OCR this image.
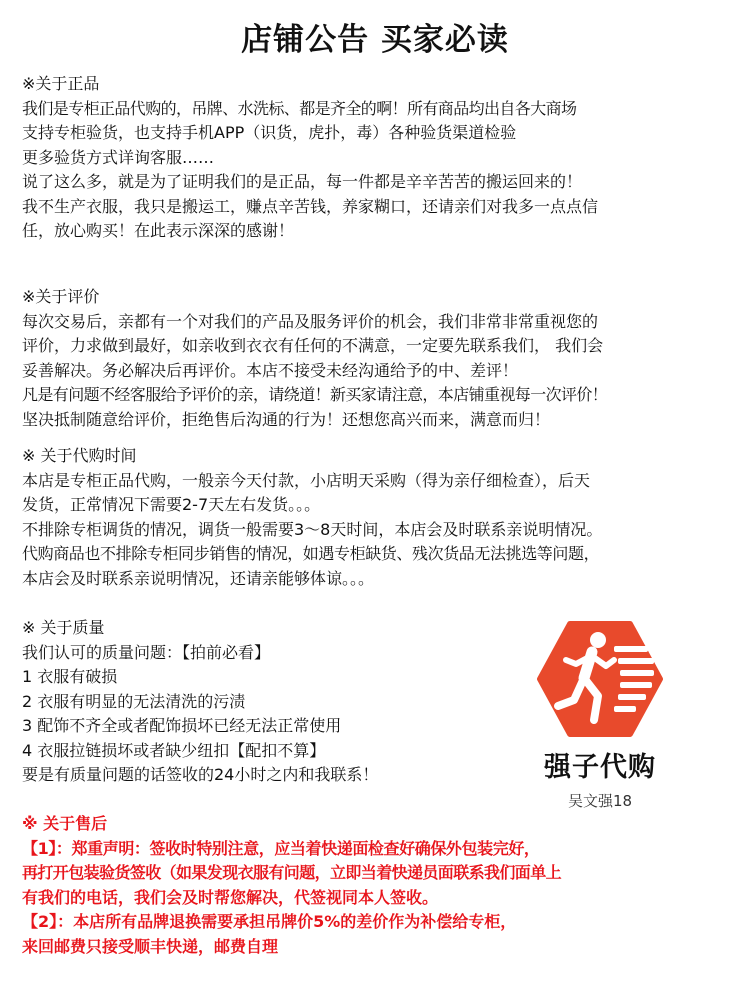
店铺公告 买家必读
※关于正品
我们是专柜正品代购的，吊牌、水洗标、都是齐全的啊！所有商品均出自各大商场
支持专柜验货，也支持手机APP（识货，虎扑，毒）各种验货渠道检验
更多验货方式详询客服……
说了这么多，就是为了证明我们的是正品，每一件都是辛辛苦苦的搬运回来的！
我不生产衣服，我只是搬运工，赚点辛苦钱，养家糊口，还请亲们对我多一点点信
任，放心购买！在此表示深深的感谢！
※关于评价
每次交易后，亲都有一个对我们的产品及服务评价的机会，我们非常非常重视您的
评价，力求做到最好，如亲收到衣衣有任何的不满意，一定要先联系我们， 我们会
妥善解决。务必解决后再评价。本店不接受未经沟通给予的中、差评！
凡是有问题不经客服给予评价的亲，请绕道！新买家请注意，本店铺重视每一次评价！
坚决抵制随意给评价，拒绝售后沟通的行为！还想您高兴而来，满意而归！
※ 关于代购时间
本店是专柜正品代购，一般亲今天付款，小店明天采购（得为亲仔细检查），后天
发货，正常情况下需要2-7天左右发货。。。
不排除专柜调货的情况，调货一般需要3～8天时间，本店会及时联系亲说明情况。
代购商品也不排除专柜同步销售的情况，如遇专柜缺货、残次货品无法挑选等问题，
本店会及时联系亲说明情况，还请亲能够体谅。。。
※ 关于质量
我们认可的质量问题：【拍前必看】
1 衣服有破损
2 衣服有明显的无法清洗的污渍
3 配饰不齐全或者配饰损坏已经无法正常使用
4 衣服拉链损坏或者缺少纽扣【配扣不算】
要是有质量问题的话签收的24小时之内和我联系！
※ 关于售后
【1】：郑重声明：签收时特别注意，应当着快递面检查好确保外包装完好，
再打开包装验货签收（如果发现衣服有问题，立即当着快递员面联系我们面单上
有我们的电话，我们会及时帮您解决，代签视同本人签收。
【2】：本店所有品牌退换需要承担吊牌价5%的差价作为补偿给专柜，
来回邮费只接受顺丰快递，邮费自理
强子代购
吴文强18
